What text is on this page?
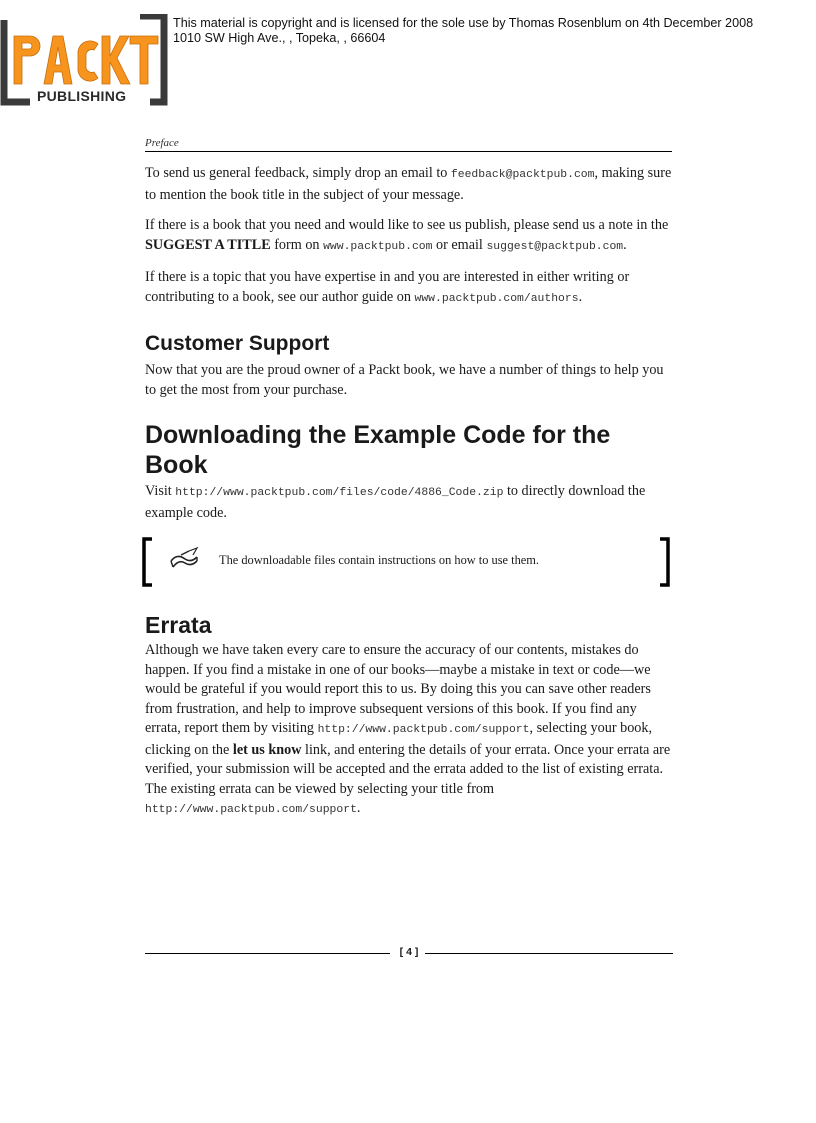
PUBLISHING
This material is copyright and is licensed for the sole use by Thomas Rosenblum on 4th December 2008
1010 SW High Ave., , Topeka, , 66604
Preface

To send us general feedback, simply drop an email to feedback@packtpub.com, making sure to mention the book title in the subject of your message.

If there is a book that you need and would like to see us publish, please send us a note in the SUGGEST A TITLE form on www.packtpub.com or email suggest@packtpub.com.

If there is a topic that you have expertise in and you are interested in either writing or contributing to a book, see our author guide on www.packtpub.com/authors.

Customer Support

Now that you are the proud owner of a Packt book, we have a number of things to help you to get the most from your purchase.

Downloading the Example Code for the Book

Visit http://www.packtpub.com/files/code/4886_Code.zip to directly download the example code.

The downloadable files contain instructions on how to use them.
Errata

Although we have taken every care to ensure the accuracy of our contents, mistakes do happen. If you find a mistake in one of our books—maybe a mistake in text or code—we would be grateful if you would report this to us. By doing this you can save other readers from frustration, and help to improve subsequent versions of this book. If you find any errata, report them by visiting http://www.packtpub.com/support, selecting your book, clicking on the let us know link, and entering the details of your errata. Once your errata are verified, your submission will be accepted and the errata added to the list of existing errata. The existing errata can be viewed by selecting your title from http://www.packtpub.com/support.

[ 4 ]
